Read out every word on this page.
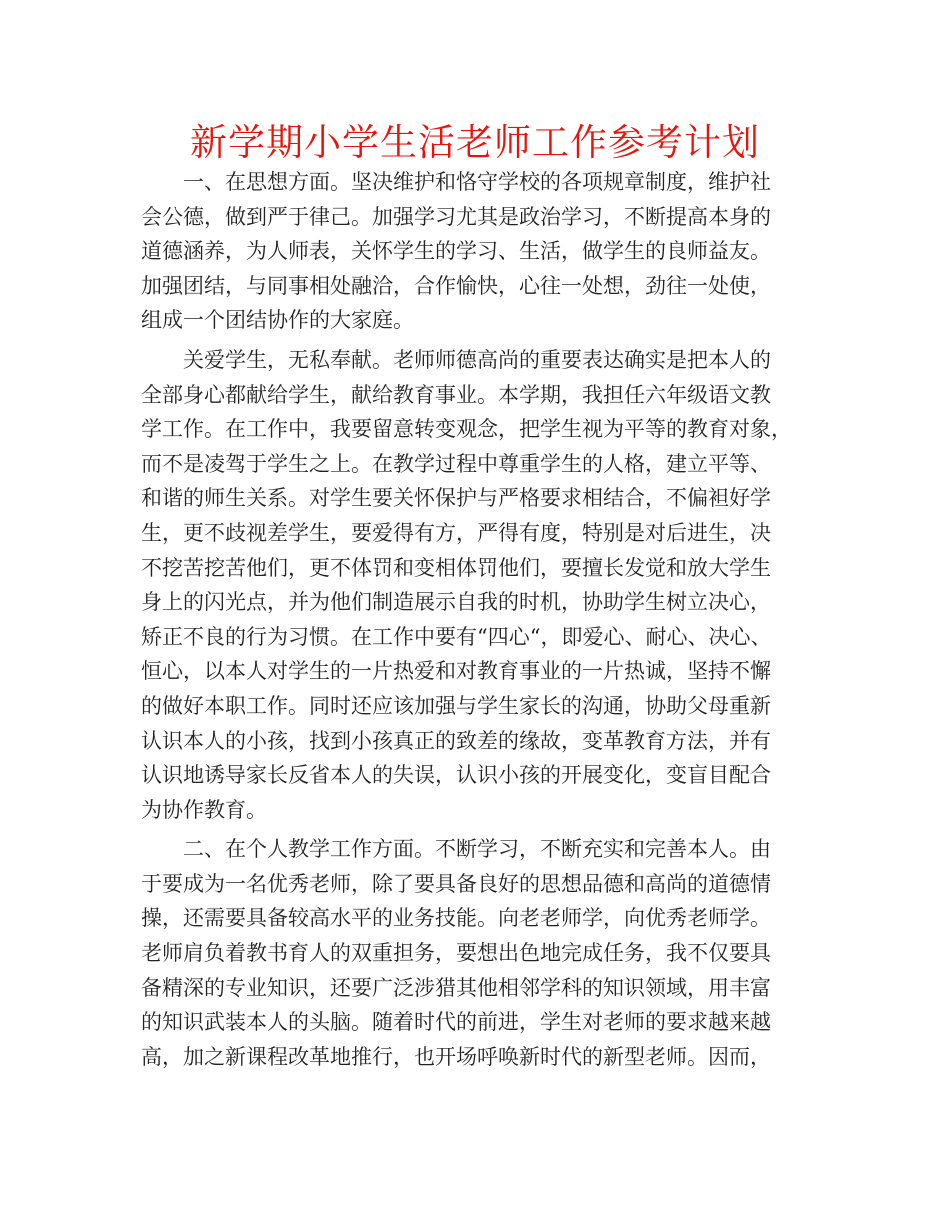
新学期小学生活老师工作参考计划
　　一、在思想方面。坚决维护和恪守学校的各项规章制度，维护社
会公德，做到严于律己。加强学习尤其是政治学习，不断提高本身的
道德涵养，为人师表，关怀学生的学习、生活，做学生的良师益友。
加强团结，与同事相处融洽，合作愉快，心往一处想，劲往一处使，
组成一个团结协作的大家庭。
　　关爱学生，无私奉献。老师师德高尚的重要表达确实是把本人的
全部身心都献给学生，献给教育事业。本学期，我担任六年级语文教
学工作。在工作中，我要留意转变观念，把学生视为平等的教育对象，
而不是凌驾于学生之上。在教学过程中尊重学生的人格，建立平等、
和谐的师生关系。对学生要关怀保护与严格要求相结合，不偏袒好学
生，更不歧视差学生，要爱得有方，严得有度，特别是对后进生，决
不挖苦挖苦他们，更不体罚和变相体罚他们，要擅长发觉和放大学生
身上的闪光点，并为他们制造展示自我的时机，协助学生树立决心，
矫正不良的行为习惯。在工作中要有“四心“，即爱心、耐心、决心、
恒心，以本人对学生的一片热爱和对教育事业的一片热诚，坚持不懈
的做好本职工作。同时还应该加强与学生家长的沟通，协助父母重新
认识本人的小孩，找到小孩真正的致差的缘故，变革教育方法，并有
认识地诱导家长反省本人的失误，认识小孩的开展变化，变盲目配合
为协作教育。
　　二、在个人教学工作方面。不断学习，不断充实和完善本人。由
于要成为一名优秀老师，除了要具备良好的思想品德和高尚的道德情
操，还需要具备较高水平的业务技能。向老老师学，向优秀老师学。
老师肩负着教书育人的双重担务，要想出色地完成任务，我不仅要具
备精深的专业知识，还要广泛涉猎其他相邻学科的知识领域，用丰富
的知识武装本人的头脑。随着时代的前进，学生对老师的要求越来越
高，加之新课程改革地推行，也开场呼唤新时代的新型老师。因而，
